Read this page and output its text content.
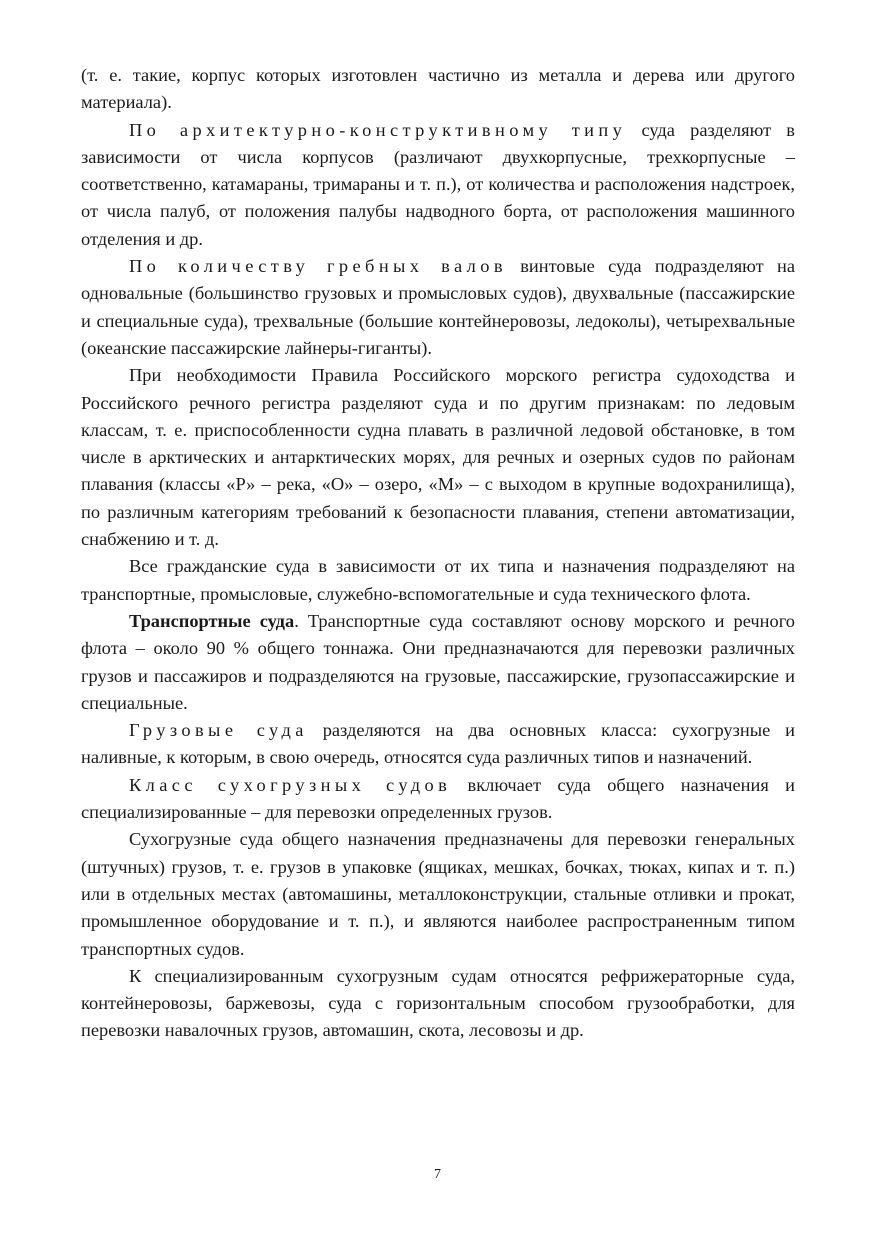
(т. е. такие, корпус которых изготовлен частично из металла и дерева или другого материала).

По архитектурно-конструктивному типу суда разделяют в зависимости от числа корпусов (различают двухкорпусные, трехкорпусные – соответственно, катамараны, тримараны и т. п.), от количества и расположения надстроек, от числа палуб, от положения палубы надводного борта, от расположения машинного отделения и др.

По количеству гребных валов винтовые суда подразделяют на одновальные (большинство грузовых и промысловых судов), двухвальные (пассажирские и специальные суда), трехвальные (большие контейнеровозы, ледоколы), четырехвальные (океанские пассажирские лайнеры-гиганты).

При необходимости Правила Российского морского регистра судоходства и Российского речного регистра разделяют суда и по другим признакам: по ледовым классам, т. е. приспособленности судна плавать в различной ледовой обстановке, в том числе в арктических и антарктических морях, для речных и озерных судов по районам плавания (классы «Р» – река, «О» – озеро, «М» – с выходом в крупные водохранилища), по различным категориям требований к безопасности плавания, степени автоматизации, снабжению и т. д.

Все гражданские суда в зависимости от их типа и назначения подразделяют на транспортные, промысловые, служебно-вспомогательные и суда технического флота.

Транспортные суда. Транспортные суда составляют основу морского и речного флота – около 90 % общего тоннажа. Они предназначаются для перевозки различных грузов и пассажиров и подразделяются на грузовые, пассажирские, грузопассажирские и специальные.

Грузовые суда разделяются на два основных класса: сухогрузные и наливные, к которым, в свою очередь, относятся суда различных типов и назначений.

Класс сухогрузных судов включает суда общего назначения и специализированные – для перевозки определенных грузов.

Сухогрузные суда общего назначения предназначены для перевозки генеральных (штучных) грузов, т. е. грузов в упаковке (ящиках, мешках, бочках, тюках, кипах и т. п.) или в отдельных местах (автомашины, металлоконструкции, стальные отливки и прокат, промышленное оборудование и т. п.), и являются наиболее распространенным типом транспортных судов.

К специализированным сухогрузным судам относятся рефрижераторные суда, контейнеровозы, баржевозы, суда с горизонтальным способом грузообработки, для перевозки навалочных грузов, автомашин, скота, лесовозы и др.

7
